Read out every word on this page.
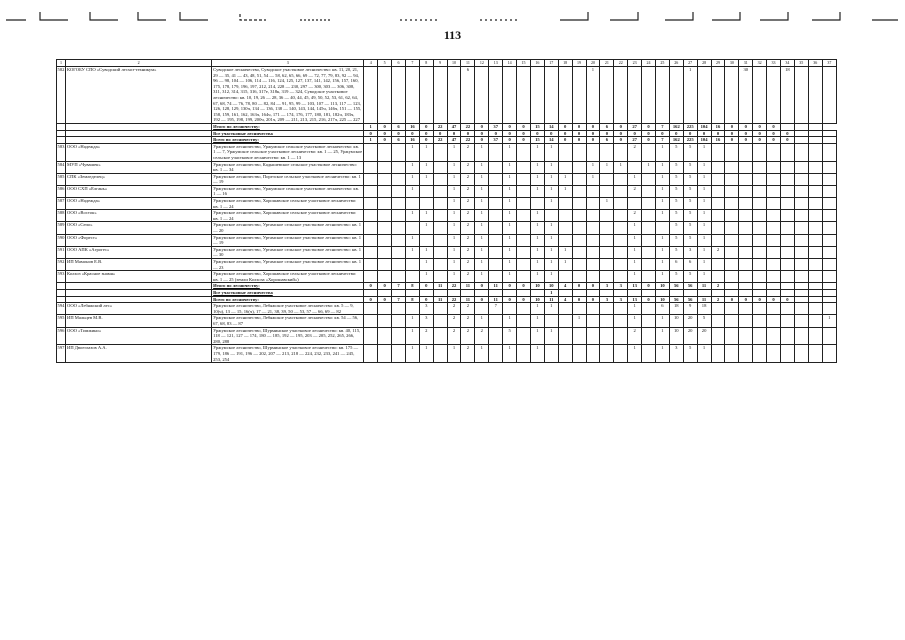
113
1	2	3	4	5	6	7	8	9	10	11	12	13	14	15	16	17	18	19	20	21	22	23	24	25	26	27	28	29	30	31	32	33	34	35	36	37
582	КОГОБУ СПО «Суводский лесхоз-техникум»	Суводское лесничество, Суводское участковое лесничество: кв. 11, 20, 21, 29 — 35, 41 — 43, 48, 51, 54 — 58, 62, 65, 66, 69 — 72, 77, 79, 83, 92 — 94, 96 — 98, 104 — 106, 114 — 116, 124, 125, 127, 137, 141, 142, 156, 157, 160, 175, 178, 179, 196, 197, 212, 214, 228 — 230, 297 — 300, 303 — 306, 308, 311, 312, 314, 315, 316, 317е, 318к, 319 — 324, Суводское участковое лесничество: кв. 10, 19, 26 — 28, 36 — 40, 44, 45, 49, 50, 52, 53, 61, 62, 64, 67, 68, 74 — 76, 78, 80 — 82, 84 — 91, 95, 99 — 103, 107 — 113, 117 — 123, 126, 128, 129, 130ч, 134 — 136, 138 — 140, 143, 144, 145ч, 146ч, 151 — 155, 158, 159, 161, 162, 163ч, 164ч, 171 — 174, 176, 177, 180, 181, 182ч, 183ч, 192 — 195, 198, 199, 200ч, 201ч, 209 — 211, 213, 215, 216, 217ч, 225 — 227								6									1							1				30			18			
		Итого по лесничеству:	1	0	6	16	0	22	47	22	0	37	0	0	15	14	0	0	0	6	0	27	0	7	162	225	104	16	0	0	0	0				
		Все участковые лесничества	0	0	0	0	0	0	0	0	0	0	0	0	0	0	0	0	0	0	0	0	0	0	0	0	0	0	0	0	0	0	0			
		Всего по лесничеству:	1	0	6	16	0	22	47	22	0	37	0	0	15	14	0	0	0	6	0	27	0	7	162	225	104	16	0	0	0	0	0			
583	ООО «Надежда»	Уржумское лесничество, Уржумское сельское участковое лесничество: кв. 1 — 7, Уржумское сельское участковое лесничество: кв. 1 — 25, Уржумское сельское участковое лесничество: кв. 1 — 13				1	1		1	2	1		1		1	1						2		1	5	5	1									
584	МУП «Чувашек»	Уржумское лесничество, Кадышевское сельское участковое лесничество: кв. 1 — 34				1	1		1	2	1		1		1	1			1	1	1		1	1	5	5	1									
585	СПК «Земледелец»	Уржумское лесничество, Порезское сельское участковое лесничество: кв. 1 — 19				1	1		1	2	1		1		1	1	1		1			1		1	5	5	1									
586	ООО СХП «Елгань»	Уржумское лесничество, Уржумское сельское участковое лесничество: кв. 1 — 16				1			1	2	1		1		1	1	1					2		1	5	5	1									
587	ООО «Надежда»	Уржумское лесничество, Хорошавское сельское участковое лесничество: кв. 1 — 24							1	2	1		1			1				1				1	5	5	1									
588	ООО «Восток»	Уржумское лесничество, Хорошавское сельское участковое лесничество: кв. 1 — 24				1	1		1	2	1		1		1							2		1	5	5	1									
589	ООО «Сепо»	Уржумское лесничество, Уртамское сельское участковое лесничество: кв. 1 — 20					1		1	2	1		1		1	1						1			5	5	1									
590	ООО «Форест»	Уржумское лесничество, Уртамское сельское участковое лесничество: кв. 1 — 19				1			1	2	1		1		1	1						1		1	5	5	1									
591	ООО АПК «Агрогес»	Уржумское лесничество, Уртамское сельское участковое лесничество: кв. 1 — 30				1	1		1	2	1		1		1	1	1					1		1	5	3	1	2								
592	ИП Мамонов Е.В.	Уржумское лесничество, Уртамское сельское участковое лесничество: кв. 1 — 23					1		1	2	1		1		1	1	1					1		1	6	6	1									
593	Колхоз «Красное знамя»	Уржумское лесничество, Хорошавское сельское участковое лесничество: кв. 1 — 25 (земли Колхоза «Хорошавский»)					1		1	2	1		1		1	1						1		1	5	5	1									
		Итого по лесничеству:	0	0	7	8	0	11	22	11	0	11	0	0	10	10	4	0	0	3	3	13	0	10	56	56	11	2								
		Все участковые лесничества														1																				
		Всего по лесничеству:	0	0	7	8	0	11	22	11	0	11	0	0	10	11	4	0	0	3	3	13	0	10	56	56	11	2	0	0	0	0	0			
594	ООО «Лебяжский лес»	Уржумское лесничество, Лебяжское участковое лесничество: кв. 5 — 9, 10(ч), 13 — 15, 16(ч), 17 — 21, 38, 39, 50 — 53, 57 — 66, 69 — 82					3		2	2		7			1	1						1		6	18	9	18									
595	ИП Мальцев М.В.	Уржумское лесничество, Лебяжское участковое лесничество: кв. 54 — 56, 67, 68, 83 — 87				1	3		2	2	1		1		1			1				1		1	10	20	5									1
596	ООО «Тимжино»	Уржумское лесничество, Шурминское участковое лесничество: кв. 40, 115, 118 — 121, 127 — 174, 180 — 185, 192 — 195, 203 — 205, 252, 265, 266, 280, 288				1	2		2	2	2		5		1	1						2		1	10	20	20									
597	ИП Двоеглазов А.А.	Уржумское лесничество, Шурминское участковое лесничество: кв. 175 — 179, 186 — 191, 196 — 202, 207 — 213, 218 — 224, 232, 233, 241 — 245, 253, 254				1	1		1	2	1		1		1							1		1	3	5	1									
